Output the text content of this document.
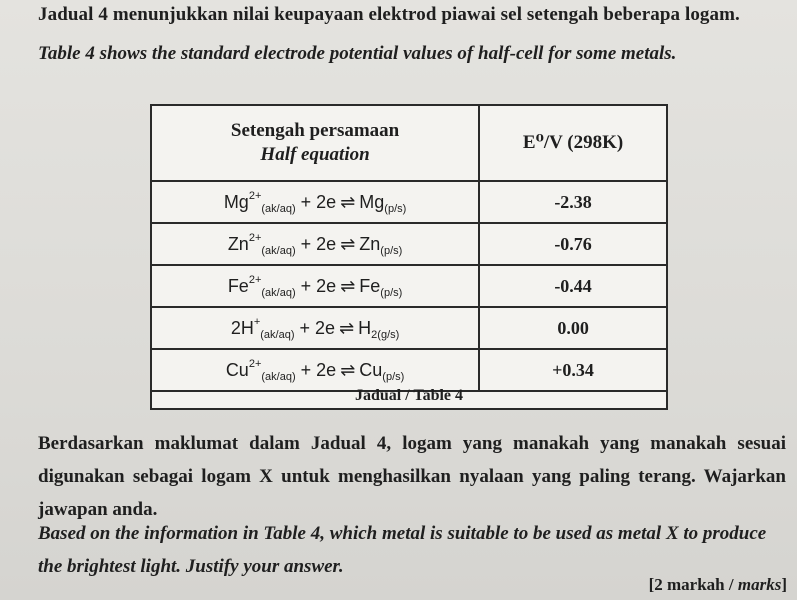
Jadual 4 menunjukkan nilai keupayaan elektrod piawai sel setengah beberapa logam.
Table 4 shows the standard electrode potential values of half-cell for some metals.
Setengah persamaan
Half equation	E⁰/V (298K)
$Mg^{2+}_{(ak/aq)} + 2e$ ⇌ $Mg_{(p/s)}$	-2.38
$Zn^{2+}_{(ak/aq)} + 2e$ ⇌ $Zn_{(p/s)}$	-0.76
$Fe^{2+}_{(ak/aq)} + 2e$ ⇌ $Fe_{(p/s)}$	-0.44
$2H^+_{(ak/aq)} + 2e$ ⇌ $H_{2(g/s)}$	0.00
$Cu^{2+}_{(ak/aq)} + 2e$ ⇌ $Cu_{(p/s)}$	+0.34
Jadual / Table 4
Berdasarkan maklumat dalam Jadual 4, logam yang manakah yang manakah sesuai digunakan sebagai logam X untuk menghasilkan nyalaan yang paling terang. Wajarkan jawapan anda.
Based on the information in Table 4, which metal is suitable to be used as metal X to produce the brightest light. Justify your answer.
[2 markah / marks]
